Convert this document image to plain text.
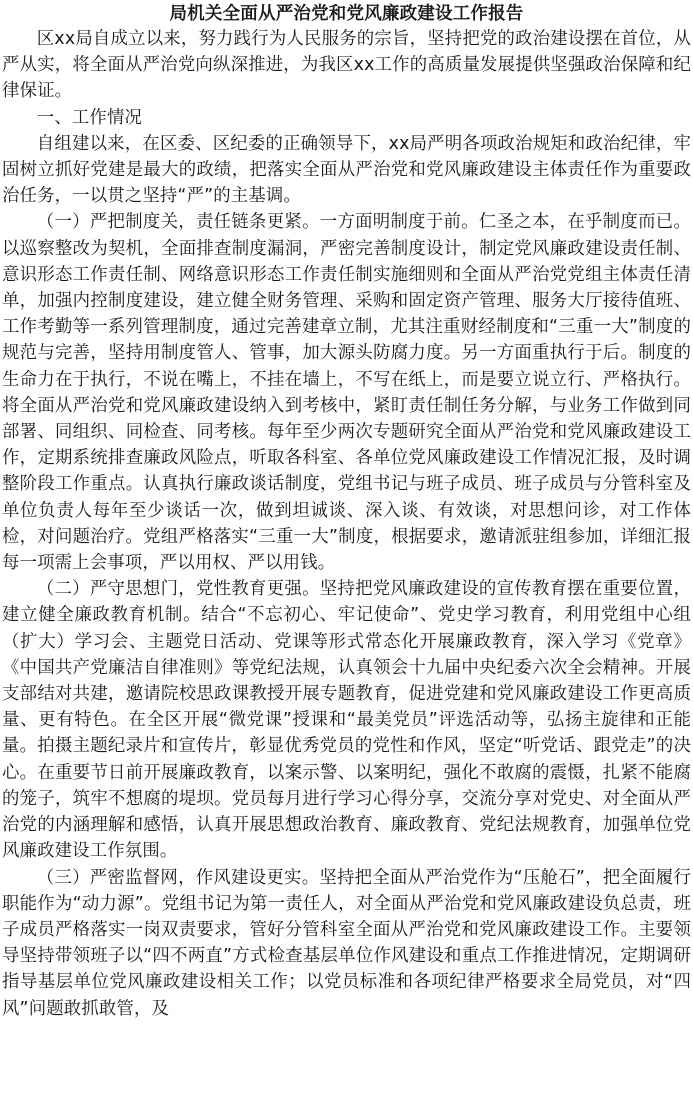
局机关全面从严治党和党风廉政建设工作报告

区xx局自成立以来，努力践行为人民服务的宗旨，坚持把党的政治建设摆在首位，从严从实，将全面从严治党向纵深推进，为我区xx工作的高质量发展提供坚强政治保障和纪律保证。

一、工作情况

自组建以来，在区委、区纪委的正确领导下，xx局严明各项政治规矩和政治纪律，牢固树立抓好党建是最大的政绩，把落实全面从严治党和党风廉政建设主体责任作为重要政治任务，一以贯之坚持“严”的主基调。

（一）严把制度关，责任链条更紧。一方面明制度于前。仁圣之本，在乎制度而已。以巡察整改为契机，全面排查制度漏洞，严密完善制度设计，制定党风廉政建设责任制、意识形态工作责任制、网络意识形态工作责任制实施细则和全面从严治党党组主体责任清单，加强内控制度建设，建立健全财务管理、采购和固定资产管理、服务大厅接待值班、工作考勤等一系列管理制度，通过完善建章立制，尤其注重财经制度和“三重一大”制度的规范与完善，坚持用制度管人、管事，加大源头防腐力度。另一方面重执行于后。制度的生命力在于执行，不说在嘴上，不挂在墙上，不写在纸上，而是要立说立行、严格执行。将全面从严治党和党风廉政建设纳入到考核中，紧盯责任制任务分解，与业务工作做到同部署、同组织、同检查、同考核。每年至少两次专题研究全面从严治党和党风廉政建设工作，定期系统排查廉政风险点，听取各科室、各单位党风廉政建设工作情况汇报，及时调整阶段工作重点。认真执行廉政谈话制度，党组书记与班子成员、班子成员与分管科室及单位负责人每年至少谈话一次，做到坦诚谈、深入谈、有效谈，对思想问诊，对工作体检，对问题治疗。党组严格落实“三重一大”制度，根据要求，邀请派驻组参加，详细汇报每一项需上会事项，严以用权、严以用钱。

（二）严守思想门，党性教育更强。坚持把党风廉政建设的宣传教育摆在重要位置，建立健全廉政教育机制。结合“不忘初心、牢记使命”、党史学习教育，利用党组中心组（扩大）学习会、主题党日活动、党课等形式常态化开展廉政教育，深入学习《党章》《中国共产党廉洁自律准则》等党纪法规，认真领会十九届中央纪委六次全会精神。开展支部结对共建，邀请院校思政课教授开展专题教育，促进党建和党风廉政建设工作更高质量、更有特色。在全区开展“微党课”授课和“最美党员”评选活动等，弘扬主旋律和正能量。拍摄主题纪录片和宣传片，彰显优秀党员的党性和作风，坚定“听党话、跟党走”的决心。在重要节日前开展廉政教育，以案示警、以案明纪，强化不敢腐的震慑，扎紧不能腐的笼子，筑牢不想腐的堤坝。党员每月进行学习心得分享，交流分享对党史、对全面从严治党的内涵理解和感悟，认真开展思想政治教育、廉政教育、党纪法规教育，加强单位党风廉政建设工作氛围。

（三）严密监督网，作风建设更实。坚持把全面从严治党作为“压舱石”，把全面履行职能作为“动力源”。党组书记为第一责任人，对全面从严治党和党风廉政建设负总责，班子成员严格落实一岗双责要求，管好分管科室全面从严治党和党风廉政建设工作。主要领导坚持带领班子以“四不两直”方式检查基层单位作风建设和重点工作推进情况，定期调研指导基层单位党风廉政建设相关工作；以党员标准和各项纪律严格要求全局党员，对“四风”问题敢抓敢管，及
